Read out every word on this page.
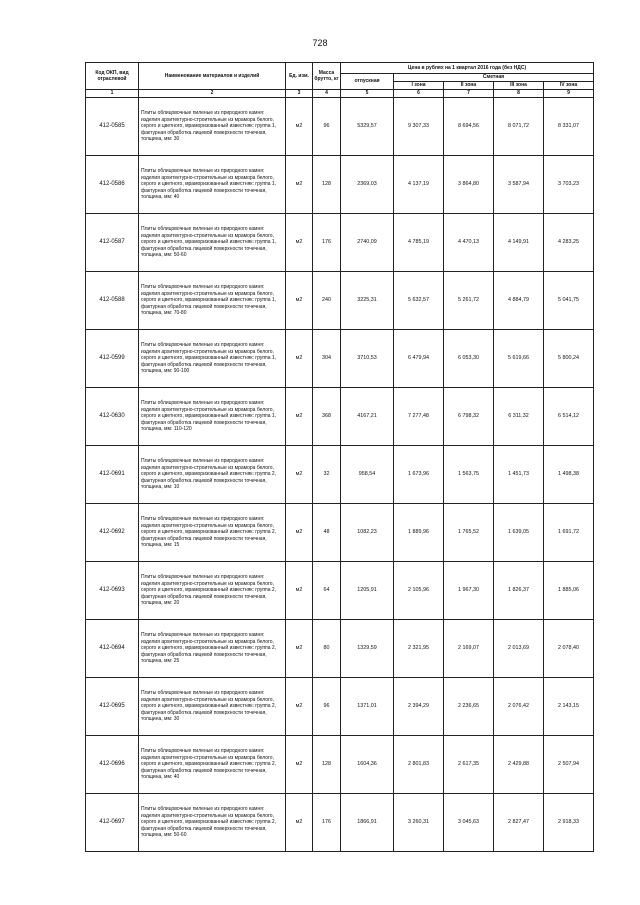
728
Код ОКП, вид отраслевой	Наименование материалов и изделий	Ед. изм.	Масса брутто, кг	Цена в рублях на 1 квартал 2016 года (без НДС)				
				отпускная	Сметная			
					I зона	II зона	III зона	IV зона
1	2	3	4	5	6	7	8	9
412-0585	Плиты облицовочные пиленые из природного камня: изделия архитектурно-строительные из мрамора белого, серого и цветного, мраморизованный известняк: группа 1, фактурная обработка лицевой поверхности точечная, толщина, мм: 30	м2	96	5329,57	9 307,33	8 694,56	8 071,72	8 331,07
412-0586	Плиты облицовочные пиленые из природного камня: изделия архитектурно-строительные из мрамора белого, серого и цветного, мраморизованный известняк: группа 1, фактурная обработка лицевой поверхности точечная, толщина, мм: 40	м2	128	2369,03	4 137,19	3 864,80	3 587,94	3 703,23
412-0587	Плиты облицовочные пиленые из природного камня: изделия архитектурно-строительные из мрамора белого, серого и цветного, мраморизованный известняк: группа 1, фактурная обработка лицевой поверхности точечная, толщина, мм: 50-60	м2	176	2740,09	4 785,19	4 470,13	4 149,91	4 283,25
412-0588	Плиты облицовочные пиленые из природного камня: изделия архитектурно-строительные из мрамора белого, серого и цветного, мраморизованный известняк: группа 1, фактурная обработка лицевой поверхности точечная, толщина, мм: 70-80	м2	240	3225,31	5 632,57	5 261,72	4 884,79	5 041,75
412-0599	Плиты облицовочные пиленые из природного камня: изделия архитектурно-строительные из мрамора белого, серого и цветного, мраморизованный известняк: группа 1, фактурная обработка лицевой поверхности точечная, толщина, мм: 90-100	м2	304	3710,53	6 479,94	6 053,30	5 619,66	5 800,24
412-0630	Плиты облицовочные пиленые из природного камня: изделия архитектурно-строительные из мрамора белого, серого и цветного, мраморизованный известняк: группа 1, фактурная обработка лицевой поверхности точечная, толщина, мм: 110-120	м2	368	4167,21	7 277,48	6 798,32	6 311,32	6 514,12
412-0691	Плиты облицовочные пиленые из природного камня: изделия архитектурно-строительные из мрамора белого, серого и цветного, мраморизованный известняк: группа 2, фактурная обработка лицевой поверхности точечная, толщина, мм: 10	м2	32	958,54	1 673,96	1 563,75	1 451,73	1 498,38
412-0692	Плиты облицовочные пиленые из природного камня: изделия архитектурно-строительные из мрамора белого, серого и цветного, мраморизованный известняк: группа 2, фактурная обработка лицевой поверхности точечная, толщина, мм: 15	м2	48	1082,23	1 889,96	1 765,52	1 639,05	1 691,72
412-0693	Плиты облицовочные пиленые из природного камня: изделия архитектурно-строительные из мрамора белого, серого и цветного, мраморизованный известняк: группа 2, фактурная обработка лицевой поверхности точечная, толщина, мм: 20	м2	64	1205,91	2 105,96	1 967,30	1 826,37	1 885,06
412-0694	Плиты облицовочные пиленые из природного камня: изделия архитектурно-строительные из мрамора белого, серого и цветного, мраморизованный известняк: группа 2, фактурная обработка лицевой поверхности точечная, толщина, мм: 25	м2	80	1329,59	2 321,95	2 169,07	2 013,69	2 078,40
412-0695	Плиты облицовочные пиленые из природного камня: изделия архитектурно-строительные из мрамора белого, серого и цветного, мраморизованный известняк: группа 2, фактурная обработка лицевой поверхности точечная, толщина, мм: 30	м2	96	1371,01	2 394,29	2 236,65	2 076,42	2 143,15
412-0696	Плиты облицовочные пиленые из природного камня: изделия архитектурно-строительные из мрамора белого, серого и цветного, мраморизованный известняк: группа 2, фактурная обработка лицевой поверхности точечная, толщина, мм: 40	м2	128	1604,36	2 801,83	2 617,35	2 429,88	2 507,94
412-0697	Плиты облицовочные пиленые из природного камня: изделия архитектурно-строительные из мрамора белого, серого и цветного, мраморизованный известняк: группа 2, фактурная обработка лицевой поверхности точечная, толщина, мм: 50-60	м2	176	1866,91	3 260,31	3 045,63	2 827,47	2 918,33
